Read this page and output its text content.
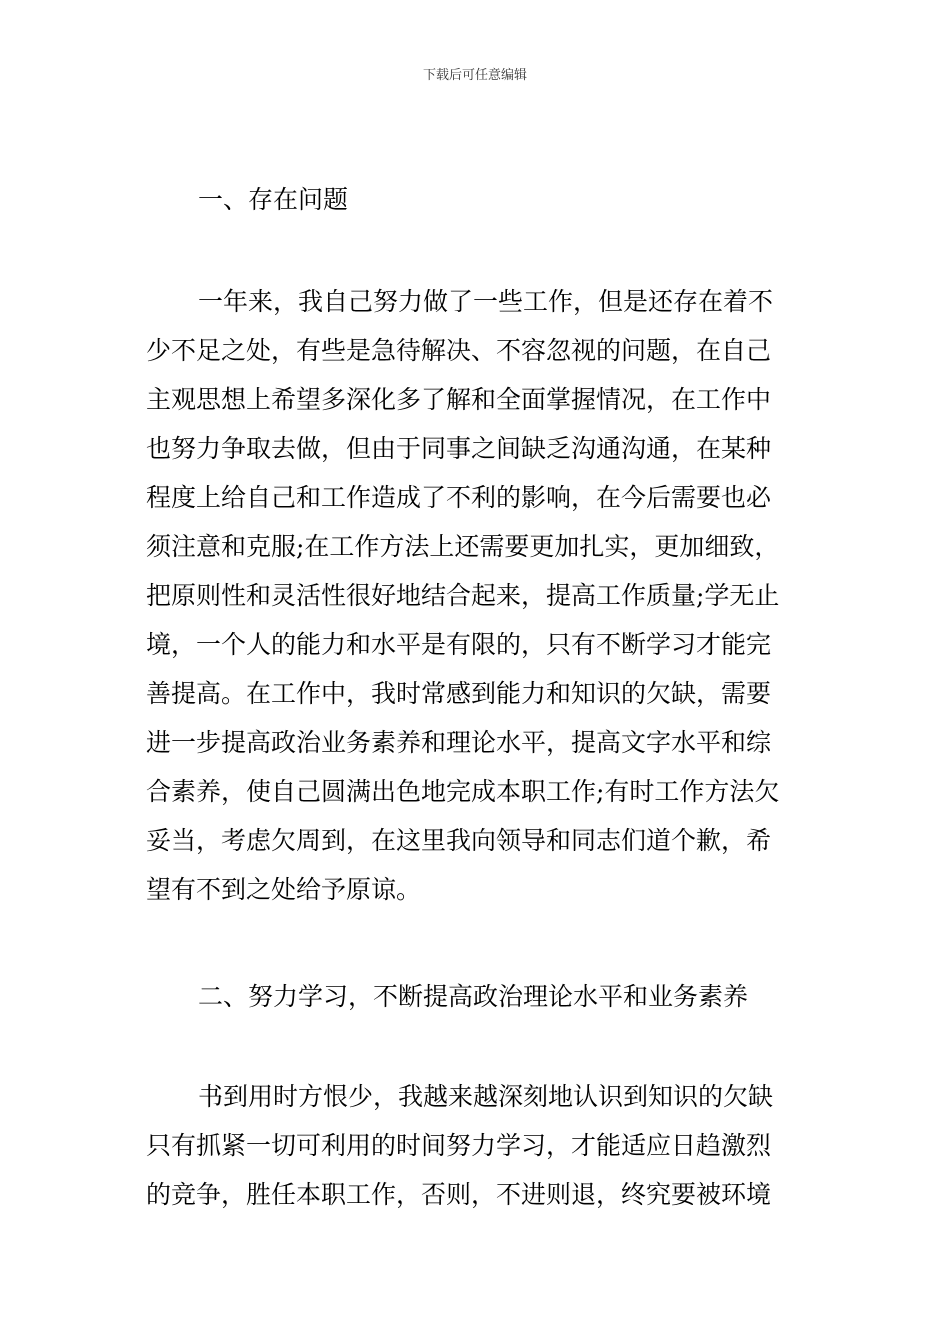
下载后可任意编辑
一、存在问题
一年来，我自己努力做了一些工作，但是还存在着不
少不足之处，有些是急待解决、不容忽视的问题，在自己
主观思想上希望多深化多了解和全面掌握情况，在工作中
也努力争取去做，但由于同事之间缺乏沟通沟通，在某种
程度上给自己和工作造成了不利的影响，在今后需要也必
须注意和克服;在工作方法上还需要更加扎实，更加细致，
把原则性和灵活性很好地结合起来，提高工作质量;学无止
境，一个人的能力和水平是有限的，只有不断学习才能完
善提高。在工作中，我时常感到能力和知识的欠缺，需要
进一步提高政治业务素养和理论水平，提高文字水平和综
合素养，使自己圆满出色地完成本职工作;有时工作方法欠
妥当，考虑欠周到，在这里我向领导和同志们道个歉，希
望有不到之处给予原谅。
二、努力学习，不断提高政治理论水平和业务素养
书到用时方恨少，我越来越深刻地认识到知识的欠缺
只有抓紧一切可利用的时间努力学习，才能适应日趋激烈
的竞争，胜任本职工作，否则，不进则退，终究要被环境
